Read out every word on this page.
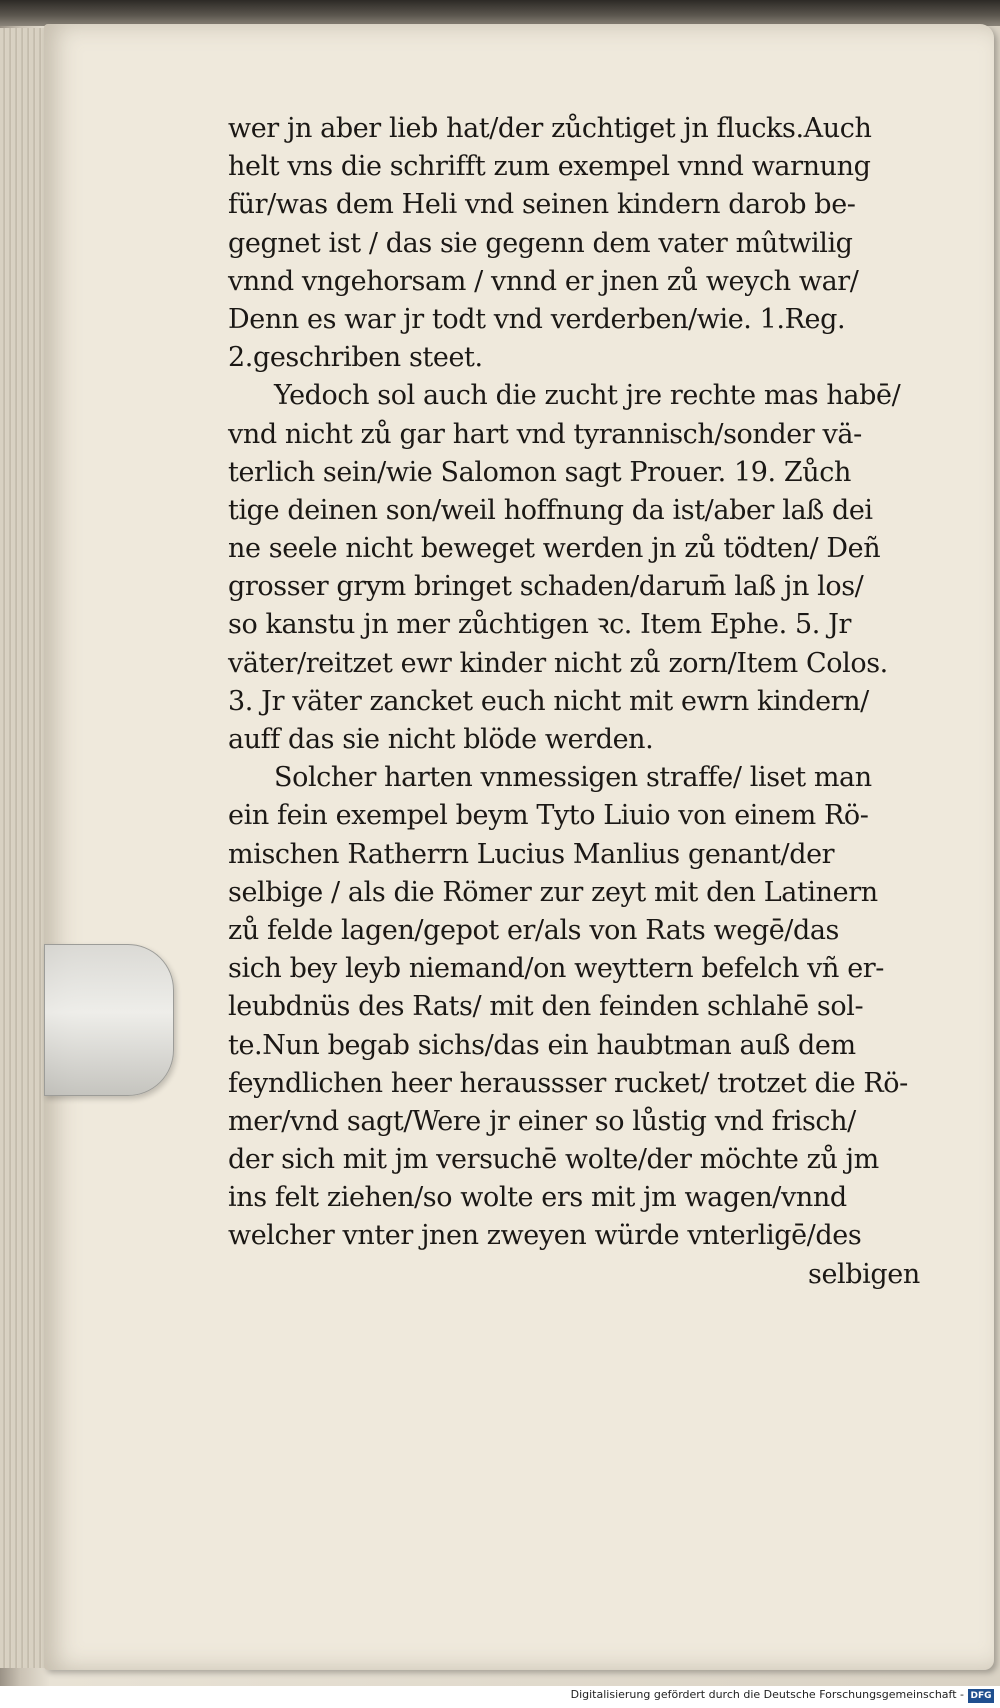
wer jn aber lieb hat/der zůchtiget jn flucks.Auch
helt vns die schrifft zum exempel vnnd warnung
für/was dem Heli vnd seinen kindern darob be-
gegnet ist / das sie gegenn dem vater mûtwilig
vnnd vngehorsam / vnnd er jnen zů weych war/
Denn es war jr todt vnd verderben/wie. 1.Reg.
2.geschriben steet.
Yedoch sol auch die zucht jre rechte mas habē/
vnd nicht zů gar hart vnd tyrannisch/sonder vä-
terlich sein/wie Salomon sagt Prouer. 19. Zůch
tige deinen son/weil hoffnung da ist/aber laß dei
ne seele nicht beweget werden jn zů tödten/ Deñ
grosser grym bringet schaden/darum̄ laß jn los/
so kanstu jn mer zůchtigen ꝛc. Item Ephe. 5. Jr
väter/reitzet ewr kinder nicht zů zorn/Item Colos.
3. Jr väter zancket euch nicht mit ewrn kindern/
auff das sie nicht blöde werden.
Solcher harten vnmessigen straffe/ liset man
ein fein exempel beym Tyto Liuio von einem Rö-
mischen Ratherrn Lucius Manlius genant/der
selbige / als die Römer zur zeyt mit den Latinern
zů felde lagen/gepot er/als von Rats wegē/das
sich bey leyb niemand/on weyttern befelch vñ er-
leubdnüs des Rats/ mit den feinden schlahē sol-
te.Nun begab sichs/das ein haubtman auß dem
feyndlichen heer heraussser rucket/ trotzet die Rö-
mer/vnd sagt/Were jr einer so lůstig vnd frisch/
der sich mit jm versuchē wolte/der möchte zů jm
ins felt ziehen/so wolte ers mit jm wagen/vnnd
welcher vnter jnen zweyen würde vnterligē/des
selbigen
Digitalisierung gefördert durch die Deutsche Forschungsgemeinschaft - DFG
